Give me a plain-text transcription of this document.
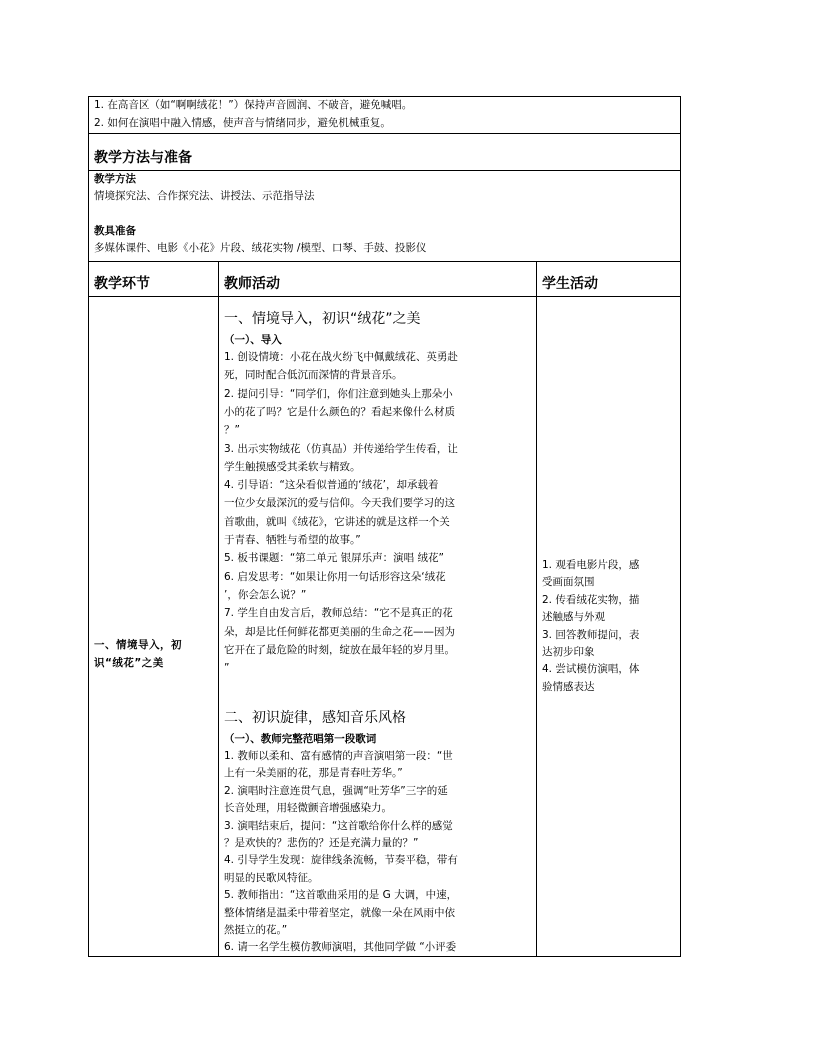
1. 在高音区（如“啊啊绒花！”）保持声音圆润、不破音，避免喊唱。
2. 如何在演唱中融入情感，使声音与情绪同步，避免机械重复。
教学方法与准备
教学方法
情境探究法、合作探究法、讲授法、示范指导法
教具准备
多媒体课件、电影《小花》片段、绒花实物 /模型、口琴、手鼓、投影仪
教学环节	教师活动	学生活动

一、情境导入，初识“绒花”之美

一、情境导入，初识“绒花”之美
（一）、导入
1. 创设情境：小花在战火纷飞中佩戴绒花、英勇赴
死，同时配合低沉而深情的背景音乐。
2. 提问引导：“同学们，你们注意到她头上那朵小
小的花了吗？它是什么颜色的？看起来像什么材质
？”
3. 出示实物绒花（仿真品）并传递给学生传看，让
学生触摸感受其柔软与精致。
4. 引导语：“这朵看似普通的‘绒花’，却承载着
一位少女最深沉的爱与信仰。今天我们要学习的这
首歌曲，就叫《绒花》，它讲述的就是这样一个关
于青春、牺牲与希望的故事。”
5. 板书课题：“第二单元 银屏乐声：演唱 绒花”
6. 启发思考：“如果让你用一句话形容这朵‘绒花
’，你会怎么说？”
7. 学生自由发言后，教师总结：“它不是真正的花
朵，却是比任何鲜花都更美丽的生命之花——因为
它开在了最危险的时刻，绽放在最年轻的岁月里。
”
二、初识旋律，感知音乐风格
（一）、教师完整范唱第一段歌词
1. 教师以柔和、富有感情的声音演唱第一段：“世
上有一朵美丽的花，那是青春吐芳华。”
2. 演唱时注意连贯气息，强调“吐芳华”三字的延
长音处理，用轻微颤音增强感染力。
3. 演唱结束后，提问：“这首歌给你什么样的感觉
？是欢快的？悲伤的？还是充满力量的？”
4. 引导学生发现：旋律线条流畅，节奏平稳，带有
明显的民歌风特征。
5. 教师指出：“这首歌曲采用的是 G 大调，中速，
整体情绪是温柔中带着坚定，就像一朵在风雨中依
然挺立的花。”
6. 请一名学生模仿教师演唱，其他同学做 “小评委
1. 观看电影片段，感
受画面氛围
2. 传看绒花实物，描
述触感与外观
3. 回答教师提问，表
达初步印象
4. 尝试模仿演唱，体
验情感表达
